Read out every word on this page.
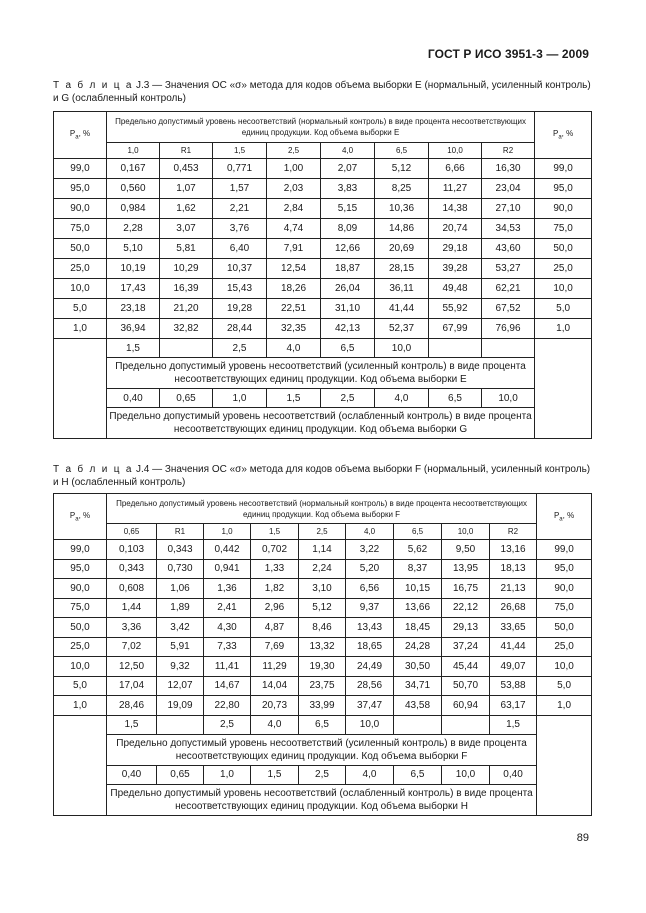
ГОСТ Р ИСО 3951-3 — 2009
Т а б л и ц а J.3 — Значения ОС «σ» метода для кодов объема выборки E (нормальный, усиленный контроль) и G (ослабленный контроль)
$P_a$, %	Предельно допустимый уровень несоответствий (нормальный контроль) в виде процента несоответствующих единиц продукции. Код объема выборки E								$P_a$, %
	1,0	R1	1,5	2,5	4,0	6,5	10,0	R2	
99,0	0,167	0,453	0,771	1,00	2,07	5,12	6,66	16,30	99,0
95,0	0,560	1,07	1,57	2,03	3,83	8,25	11,27	23,04	95,0
90,0	0,984	1,62	2,21	2,84	5,15	10,36	14,38	27,10	90,0
75,0	2,28	3,07	3,76	4,74	8,09	14,86	20,74	34,53	75,0
50,0	5,10	5,81	6,40	7,91	12,66	20,69	29,18	43,60	50,0
25,0	10,19	10,29	10,37	12,54	18,87	28,15	39,28	53,27	25,0
10,0	17,43	16,39	15,43	18,26	26,04	36,11	49,48	62,21	10,0
5,0	23,18	21,20	19,28	22,51	31,10	41,44	55,92	67,52	5,0
1,0	36,94	32,82	28,44	32,35	42,13	52,37	67,99	76,96	1,0
	1,5		2,5	4,0	6,5	10,0			
	Предельно допустимый уровень несоответствий (усиленный контроль) в виде процента несоответствующих единиц продукции. Код объема выборки E								
	0,40	0,65	1,0	1,5	2,5	4,0	6,5	10,0	
	Предельно допустимый уровень несоответствий (ослабленный контроль) в виде процента несоответствующих единиц продукции. Код объема выборки G								
Т а б л и ц а J.4 — Значения ОС «σ» метода для кодов объема выборки F (нормальный, усиленный контроль) и H (ослабленный контроль)
$P_a$, %	Предельно допустимый уровень несоответствий (нормальный контроль) в виде процента несоответствующих единиц продукции. Код объема выборки F									$P_a$, %
	0,65	R1	1,0	1,5	2,5	4,0	6,5	10,0	R2	
99,0	0,103	0,343	0,442	0,702	1,14	3,22	5,62	9,50	13,16	99,0
95,0	0,343	0,730	0,941	1,33	2,24	5,20	8,37	13,95	18,13	95,0
90,0	0,608	1,06	1,36	1,82	3,10	6,56	10,15	16,75	21,13	90,0
75,0	1,44	1,89	2,41	2,96	5,12	9,37	13,66	22,12	26,68	75,0
50,0	3,36	3,42	4,30	4,87	8,46	13,43	18,45	29,13	33,65	50,0
25,0	7,02	5,91	7,33	7,69	13,32	18,65	24,28	37,24	41,44	25,0
10,0	12,50	9,32	11,41	11,29	19,30	24,49	30,50	45,44	49,07	10,0
5,0	17,04	12,07	14,67	14,04	23,75	28,56	34,71	50,70	53,88	5,0
1,0	28,46	19,09	22,80	20,73	33,99	37,47	43,58	60,94	63,17	1,0
	1,5		2,5	4,0	6,5	10,0			1,5	
	Предельно допустимый уровень несоответствий (усиленный контроль) в виде процента несоответствующих единиц продукции. Код объема выборки F									
	0,40	0,65	1,0	1,5	2,5	4,0	6,5	10,0	0,40	
	Предельно допустимый уровень несоответствий (ослабленный контроль) в виде процента несоответствующих единиц продукции. Код объема выборки H									
89
